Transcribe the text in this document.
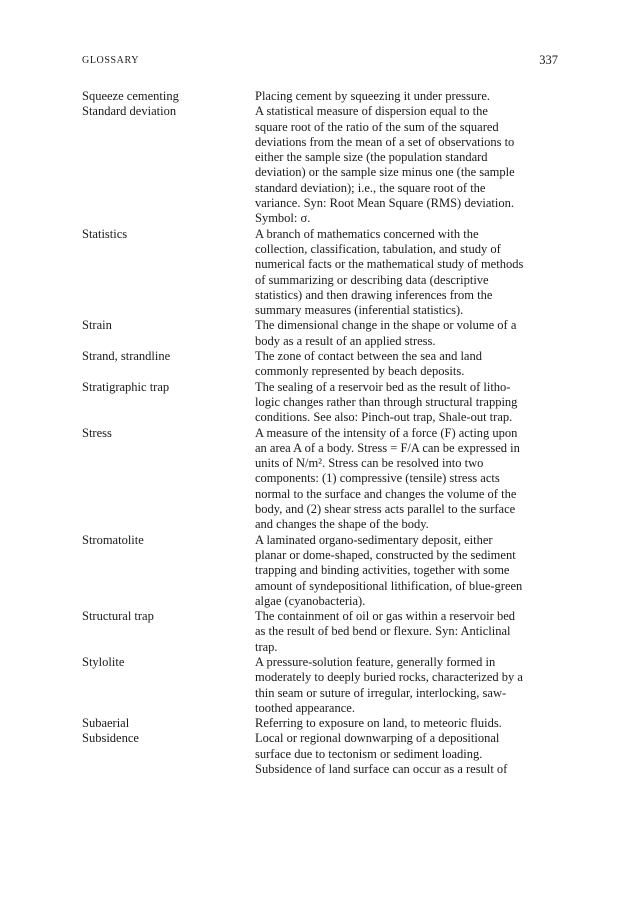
GLOSSARY	337
Squeeze cementing	Placing cement by squeezing it under pressure.
Standard deviation	A statistical measure of dispersion equal to the
square root of the ratio of the sum of the squared
deviations from the mean of a set of observations to
either the sample size (the population standard
deviation) or the sample size minus one (the sample
standard deviation); i.e., the square root of the
variance. Syn: Root Mean Square (RMS) deviation.
Symbol: σ.
Statistics	A branch of mathematics concerned with the
collection, classification, tabulation, and study of
numerical facts or the mathematical study of methods
of summarizing or describing data (descriptive
statistics) and then drawing inferences from the
summary measures (inferential statistics).
Strain	The dimensional change in the shape or volume of a
body as a result of an applied stress.
Strand, strandline	The zone of contact between the sea and land
commonly represented by beach deposits.
Stratigraphic trap	The sealing of a reservoir bed as the result of litho-
logic changes rather than through structural trapping
conditions. See also: Pinch-out trap, Shale-out trap.
Stress	A measure of the intensity of a force (F) acting upon
an area A of a body. Stress = F/A can be expressed in
units of N/m². Stress can be resolved into two
components: (1) compressive (tensile) stress acts
normal to the surface and changes the volume of the
body, and (2) shear stress acts parallel to the surface
and changes the shape of the body.
Stromatolite	A laminated organo-sedimentary deposit, either
planar or dome-shaped, constructed by the sediment
trapping and binding activities, together with some
amount of syndepositional lithification, of blue-green
algae (cyanobacteria).
Structural trap	The containment of oil or gas within a reservoir bed
as the result of bed bend or flexure. Syn: Anticlinal
trap.
Stylolite	A pressure-solution feature, generally formed in
moderately to deeply buried rocks, characterized by a
thin seam or suture of irregular, interlocking, saw-
toothed appearance.
Subaerial	Referring to exposure on land, to meteoric fluids.
Subsidence	Local or regional downwarping of a depositional
surface due to tectonism or sediment loading.
Subsidence of land surface can occur as a result of
